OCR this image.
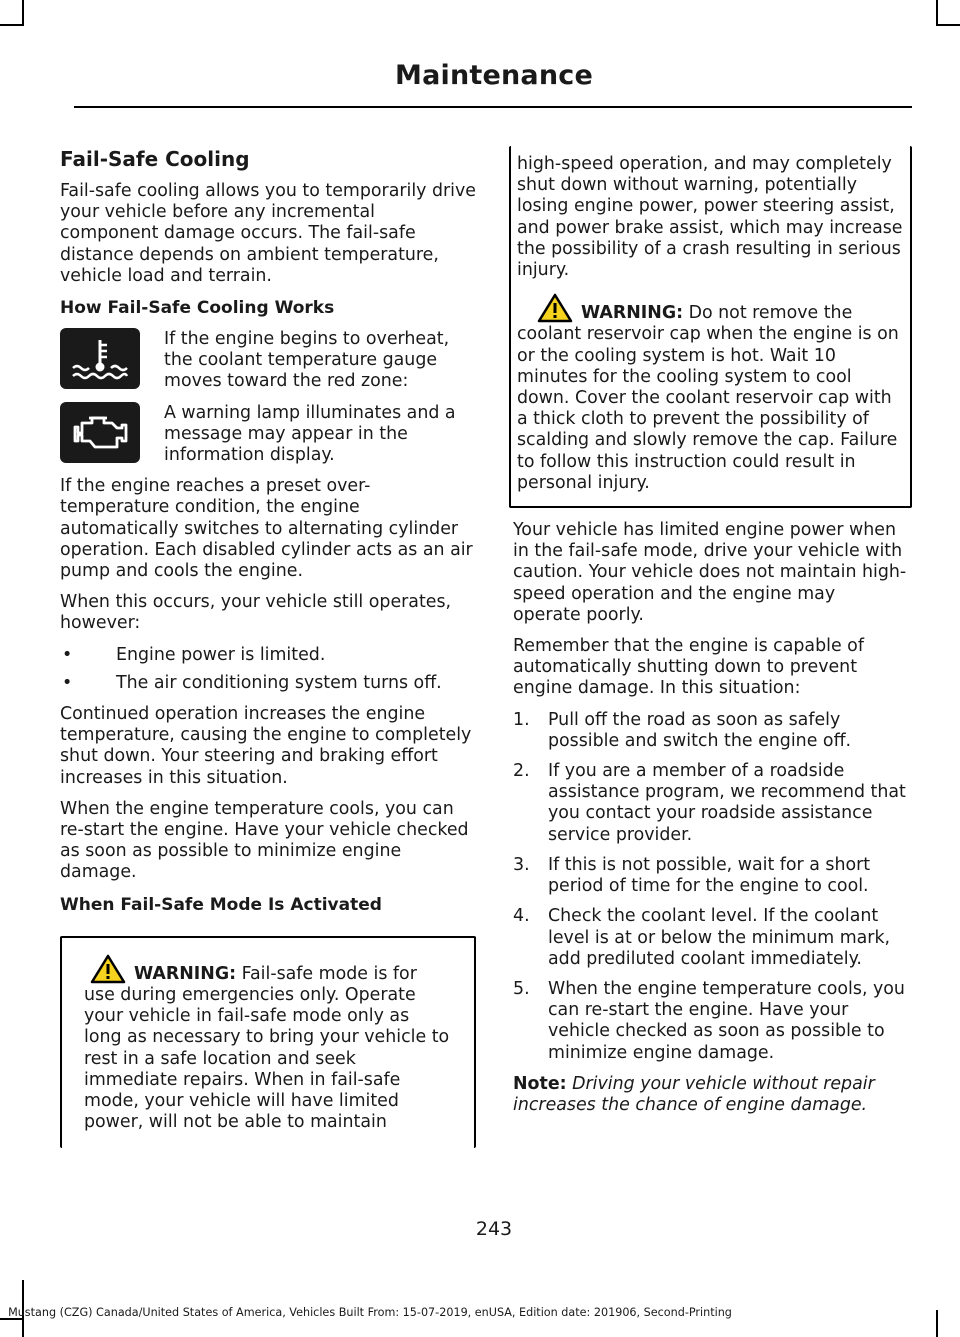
Maintenance
Fail-Safe Cooling

Fail-safe cooling allows you to temporarily drive your vehicle before any incremental component damage occurs. The fail-safe distance depends on ambient temperature, vehicle load and terrain.

How Fail-Safe Cooling Works
If the engine begins to overheat, the coolant temperature gauge moves toward the red zone:
A warning lamp illuminates and a message may appear in the information display.

If the engine reaches a preset over-temperature condition, the engine automatically switches to alternating cylinder operation. Each disabled cylinder acts as an air pump and cools the engine.

When this occurs, your vehicle still operates, however:

• Engine power is limited.
• The air conditioning system turns off.

Continued operation increases the engine temperature, causing the engine to completely shut down. Your steering and braking effort increases in this situation.

When the engine temperature cools, you can re-start the engine. Have your vehicle checked as soon as possible to minimize engine damage.

When Fail-Safe Mode Is Activated
WARNING: Fail-safe mode is for use during emergencies only. Operate your vehicle in fail-safe mode only as long as necessary to bring your vehicle to rest in a safe location and seek immediate repairs. When in fail-safe mode, your vehicle will have limited power, will not be able to maintain

high-speed operation, and may completely shut down without warning, potentially losing engine power, power steering assist, and power brake assist, which may increase the possibility of a crash resulting in serious injury.

WARNING: Do not remove the coolant reservoir cap when the engine is on or the cooling system is hot. Wait 10 minutes for the cooling system to cool down. Cover the coolant reservoir cap with a thick cloth to prevent the possibility of scalding and slowly remove the cap. Failure to follow this instruction could result in personal injury.

Your vehicle has limited engine power when in the fail-safe mode, drive your vehicle with caution. Your vehicle does not maintain high-speed operation and the engine may operate poorly.

Remember that the engine is capable of automatically shutting down to prevent engine damage. In this situation:

1. Pull off the road as soon as safely possible and switch the engine off.
2. If you are a member of a roadside assistance program, we recommend that you contact your roadside assistance service provider.
3. If this is not possible, wait for a short period of time for the engine to cool.
4. Check the coolant level. If the coolant level is at or below the minimum mark, add prediluted coolant immediately.
5. When the engine temperature cools, you can re-start the engine. Have your vehicle checked as soon as possible to minimize engine damage.

Note: Driving your vehicle without repair increases the chance of engine damage.

243
Mustang (CZG) Canada/United States of America, Vehicles Built From: 15-07-2019, enUSA, Edition date: 201906, Second-Printing
